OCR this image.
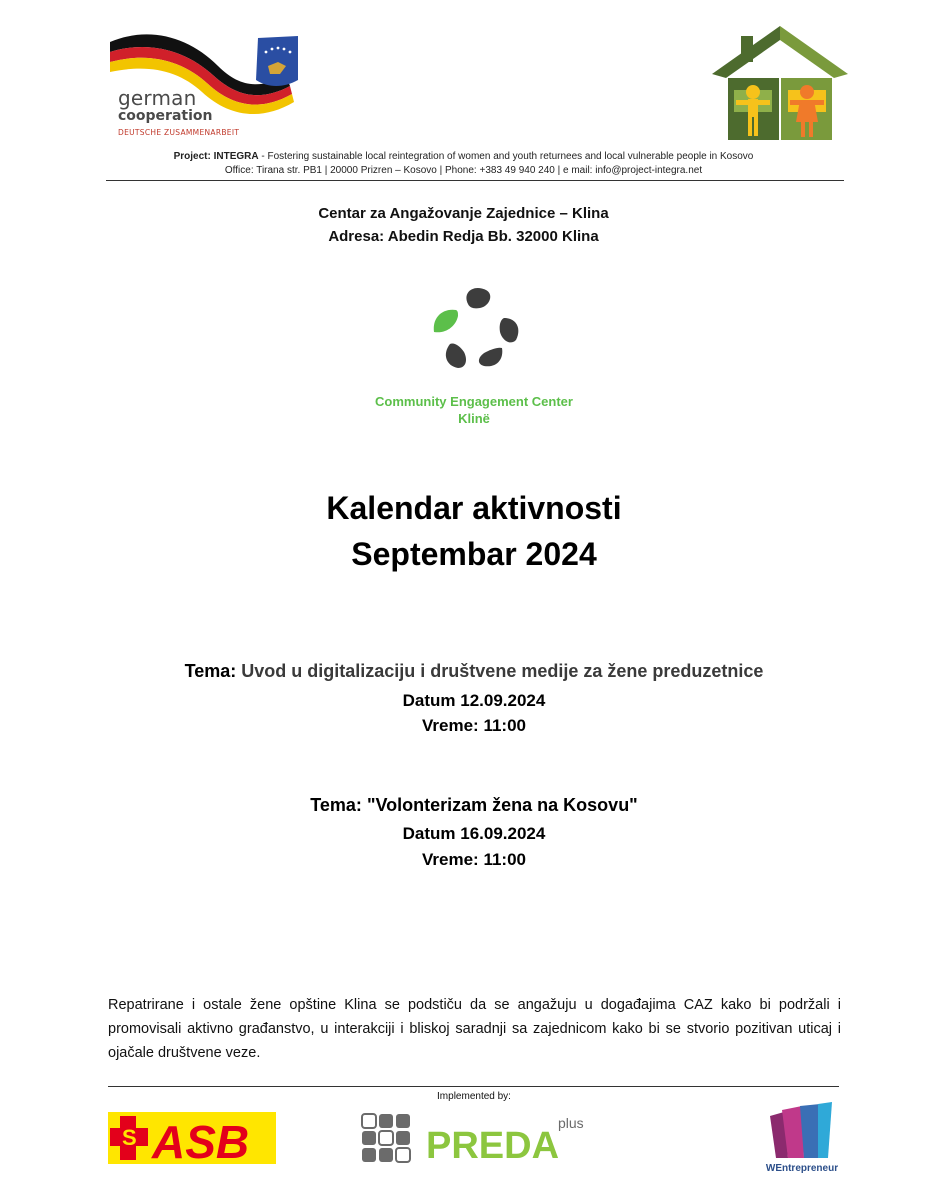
german
cooperation
DEUTSCHE ZUSAMMENARBEIT
Project: INTEGRA - Fostering sustainable local reintegration of women and youth returnees and local vulnerable people in Kosovo
Office: Tirana str. PB1 | 20000 Prizren – Kosovo | Phone: +383 49 940 240 | e mail: info@project-integra.net
Centar za Angažovanje Zajednice – Klina
Adresa: Abedin Redja Bb. 32000 Klina
Community Engagement Center
Klinë
Kalendar aktivnosti
Septembar 2024
Tema: Uvod u digitalizaciju i društvene medije za žene preduzetnice
Datum 12.09.2024
Vreme: 11:00
Tema: "Volonterizam žena na Kosovu"
Datum 16.09.2024
Vreme: 11:00
Repatrirane i ostale žene opštine Klina se podstiču da se angažuju u događajima CAZ kako bi podržali i promovisali aktivno građanstvo, u interakciji i bliskoj saradnji sa zajednicom kako bi se stvorio pozitivan uticaj i ojačale društvene veze.
Implemented by:
S ASB	PREDA
plus
WEntrepreneur
